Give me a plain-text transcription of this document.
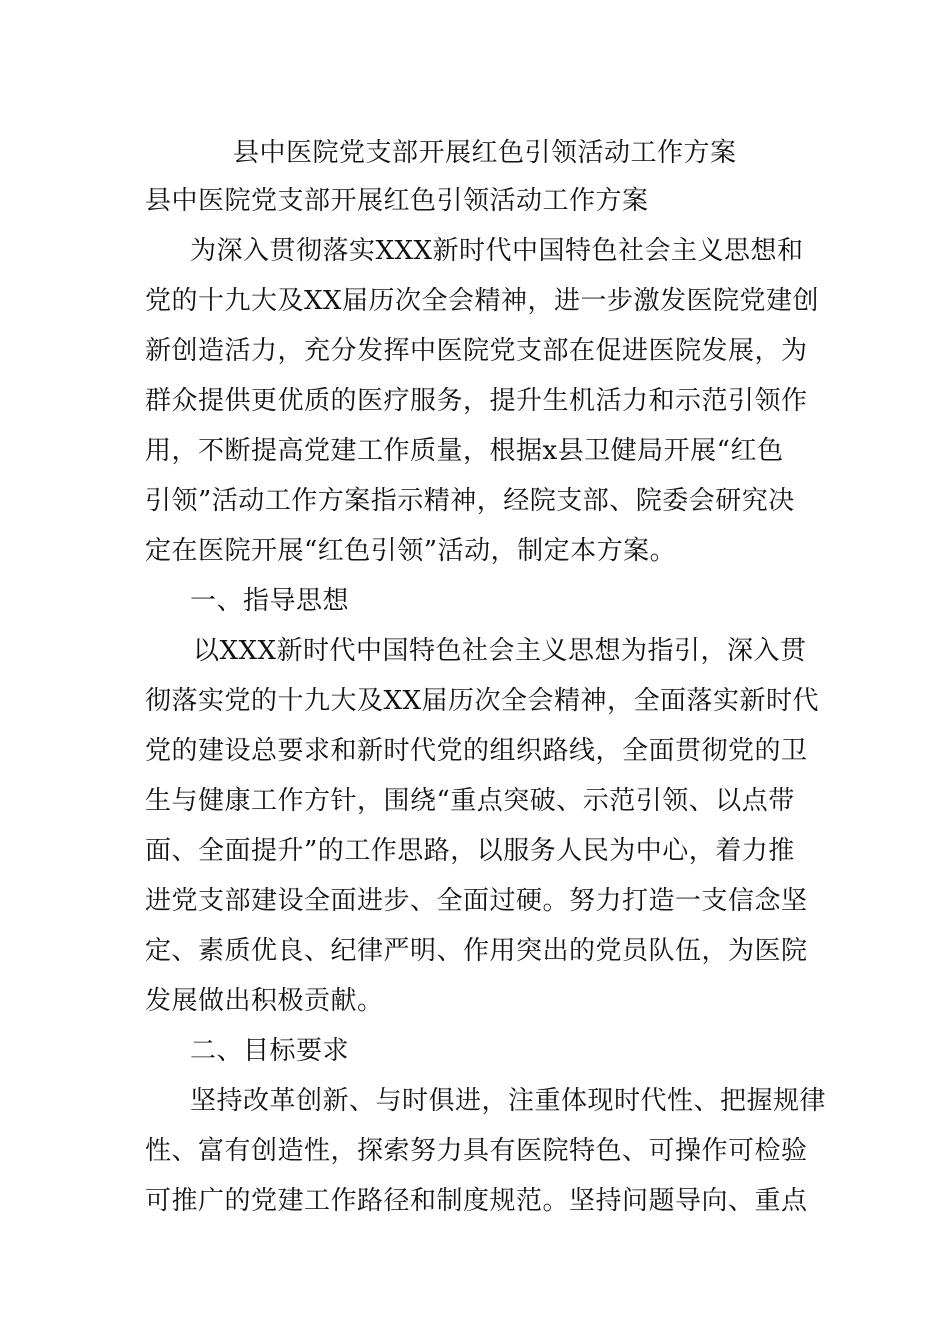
县中医院党支部开展红色引领活动工作方案
县中医院党支部开展红色引领活动工作方案
为深入贯彻落实XXX新时代中国特色社会主义思想和
党的十九大及XX届历次全会精神，进一步激发医院党建创
新创造活力，充分发挥中医院党支部在促进医院发展，为
群众提供更优质的医疗服务，提升生机活力和示范引领作
用，不断提高党建工作质量，根据x县卫健局开展“红色
引领”活动工作方案指示精神，经院支部、院委会研究决
定在医院开展“红色引领”活动，制定本方案。
一、指导思想
以XXX新时代中国特色社会主义思想为指引，深入贯
彻落实党的十九大及XX届历次全会精神，全面落实新时代
党的建设总要求和新时代党的组织路线，全面贯彻党的卫
生与健康工作方针，围绕“重点突破、示范引领、以点带
面、全面提升”的工作思路，以服务人民为中心，着力推
进党支部建设全面进步、全面过硬。努力打造一支信念坚
定、素质优良、纪律严明、作用突出的党员队伍，为医院
发展做出积极贡献。
二、目标要求
坚持改革创新、与时俱进，注重体现时代性、把握规律
性、富有创造性，探索努力具有医院特色、可操作可检验
可推广的党建工作路径和制度规范。坚持问题导向、重点
